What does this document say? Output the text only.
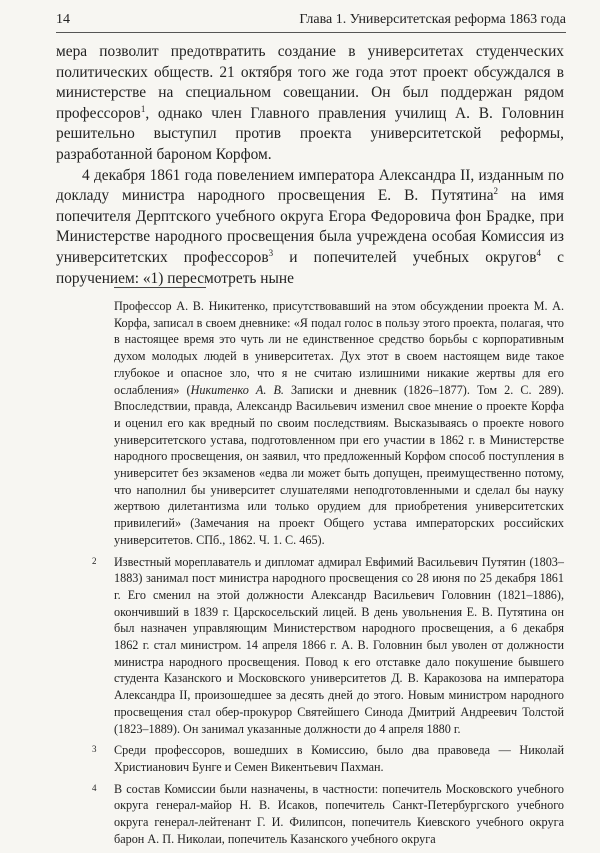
14	Глава 1. Университетская реформа 1863 года

мера позволит предотвратить создание в университетах студенческих политических обществ. 21 октября того же года этот проект обсуждался в министерстве на специальном совещании. Он был поддержан рядом профессоров$^1$, однако член Главного правления училищ А. В. Головнин решительно выступил против проекта университетской реформы, разработанной бароном Корфом.

4 декабря 1861 года повелением императора Александра II, изданным по докладу министра народного просвещения Е. В. Путятина$^2$ на имя попечителя Дерптского учебного округа Егора Федоровича фон Брадке, при Министерстве народного просвещения была учреждена особая Комиссия из университетских профессоров$^3$ и попечителей учебных округов$^4$ с поручением: «1) пересмотреть ныне

Профессор А. В. Никитенко, присутствовавший на этом обсуждении проекта М. А. Корфа, записал в своем дневнике: «Я подал голос в пользу этого проекта, полагая, что в настоящее время это чуть ли не единственное средство борьбы с корпоративным духом молодых людей в университетах. Дух этот в своем настоящем виде такое глубокое и опасное зло, что я не считаю излишними никакие жертвы для его ослабления» (Никитенко А. В. Записки и дневник (1826–1877). Том 2. С. 289). Впоследствии, правда, Александр Васильевич изменил свое мнение о проекте Корфа и оценил его как вредный по своим последствиям. Высказываясь о проекте нового университетского устава, подготовленном при его участии в 1862 г. в Министерстве народного просвещения, он заявил, что предложенный Корфом способ поступления в университет без экзаменов «едва ли может быть допущен, преимущественно потому, что наполнил бы университет слушателями неподготовленными и сделал бы науку жертвою дилетантизма или только орудием для приобретения университетских привилегий» (Замечания на проект Общего устава императорских российских университетов. СПб., 1862. Ч. 1. С. 465).
2 Известный мореплаватель и дипломат адмирал Евфимий Васильевич Путятин (1803–1883) занимал пост министра народного просвещения со 28 июня по 25 декабря 1861 г. Его сменил на этой должности Александр Васильевич Головнин (1821–1886), окончивший в 1839 г. Царскосельский лицей. В день увольнения Е. В. Путятина он был назначен управляющим Министерством народного просвещения, а 6 декабря 1862 г. стал министром. 14 апреля 1866 г. А. В. Головнин был уволен от должности министра народного просвещения. Повод к его отставке дало покушение бывшего студента Казанского и Московского университетов Д. В. Каракозова на императора Александра II, произошедшее за десять дней до этого. Новым министром народного просвещения стал обер-прокурор Святейшего Синода Дмитрий Андреевич Толстой (1823–1889). Он занимал указанные должности до 4 апреля 1880 г.
3 Среди профессоров, вошедших в Комиссию, было два правоведа — Николай Христианович Бунге и Семен Викентьевич Пахман.
4 В состав Комиссии были назначены, в частности: попечитель Московского учебного округа генерал-майор Н. В. Исаков, попечитель Санкт-Петербургского учебного округа генерал-лейтенант Г. И. Филипсон, попечитель Киевского учебного округа барон А. П. Николаи, попечитель Казанского учебного округа
